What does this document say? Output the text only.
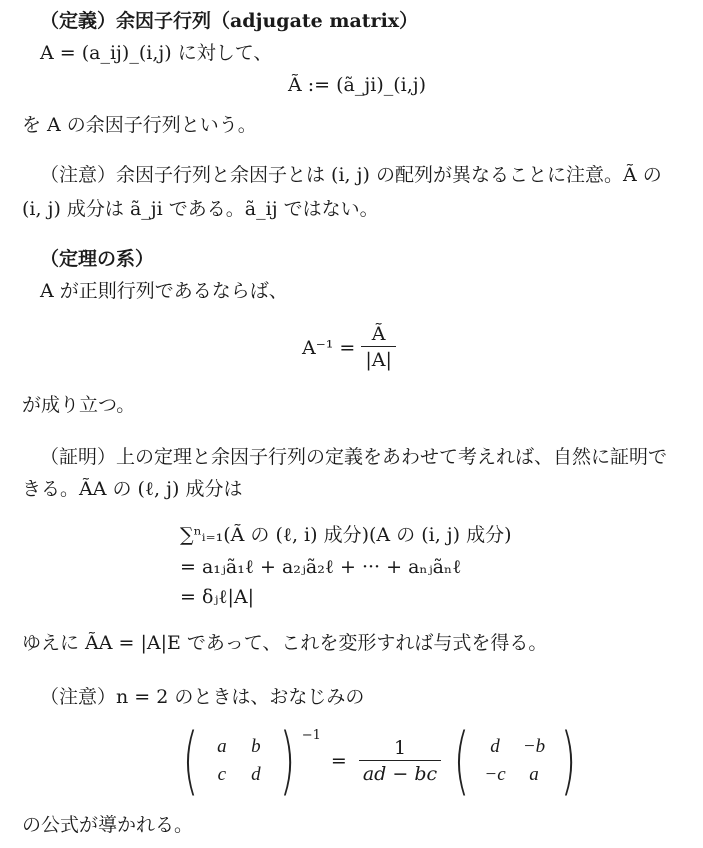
（定義）余因子行列（adjugate matrix）
A = (a_ij)_(i,j) に対して、
Ã := (ã_ji)_(i,j)
を A の余因子行列という。
（注意）余因子行列と余因子とは (i, j) の配列が異なることに注意。Ã の
(i, j) 成分は ã_ji である。ã_ij ではない。
（定理の系）
A が正則行列であるならば、
$A^{-1} = \frac{Ã}{|A|}$
が成り立つ。
（証明）上の定理と余因子行列の定義をあわせて考えれば、自然に証明で
きる。ÃA の (ℓ, j) 成分は
∑ⁿᵢ₌₁(Ã の (ℓ, i) 成分)(A の (i, j) 成分)
= a₁ⱼã₁ℓ + a₂ⱼã₂ℓ + ··· + aₙⱼãₙℓ
= δⱼℓ|A|
ゆえに ÃA = |A|E であって、これを変形すれば与式を得る。
（注意）n = 2 のときは、おなじみの
( a	b
c	d ) $^{-1}$
= $\frac{1}{ad - bc}$ (	d	−b
−c	a )
の公式が導かれる。
